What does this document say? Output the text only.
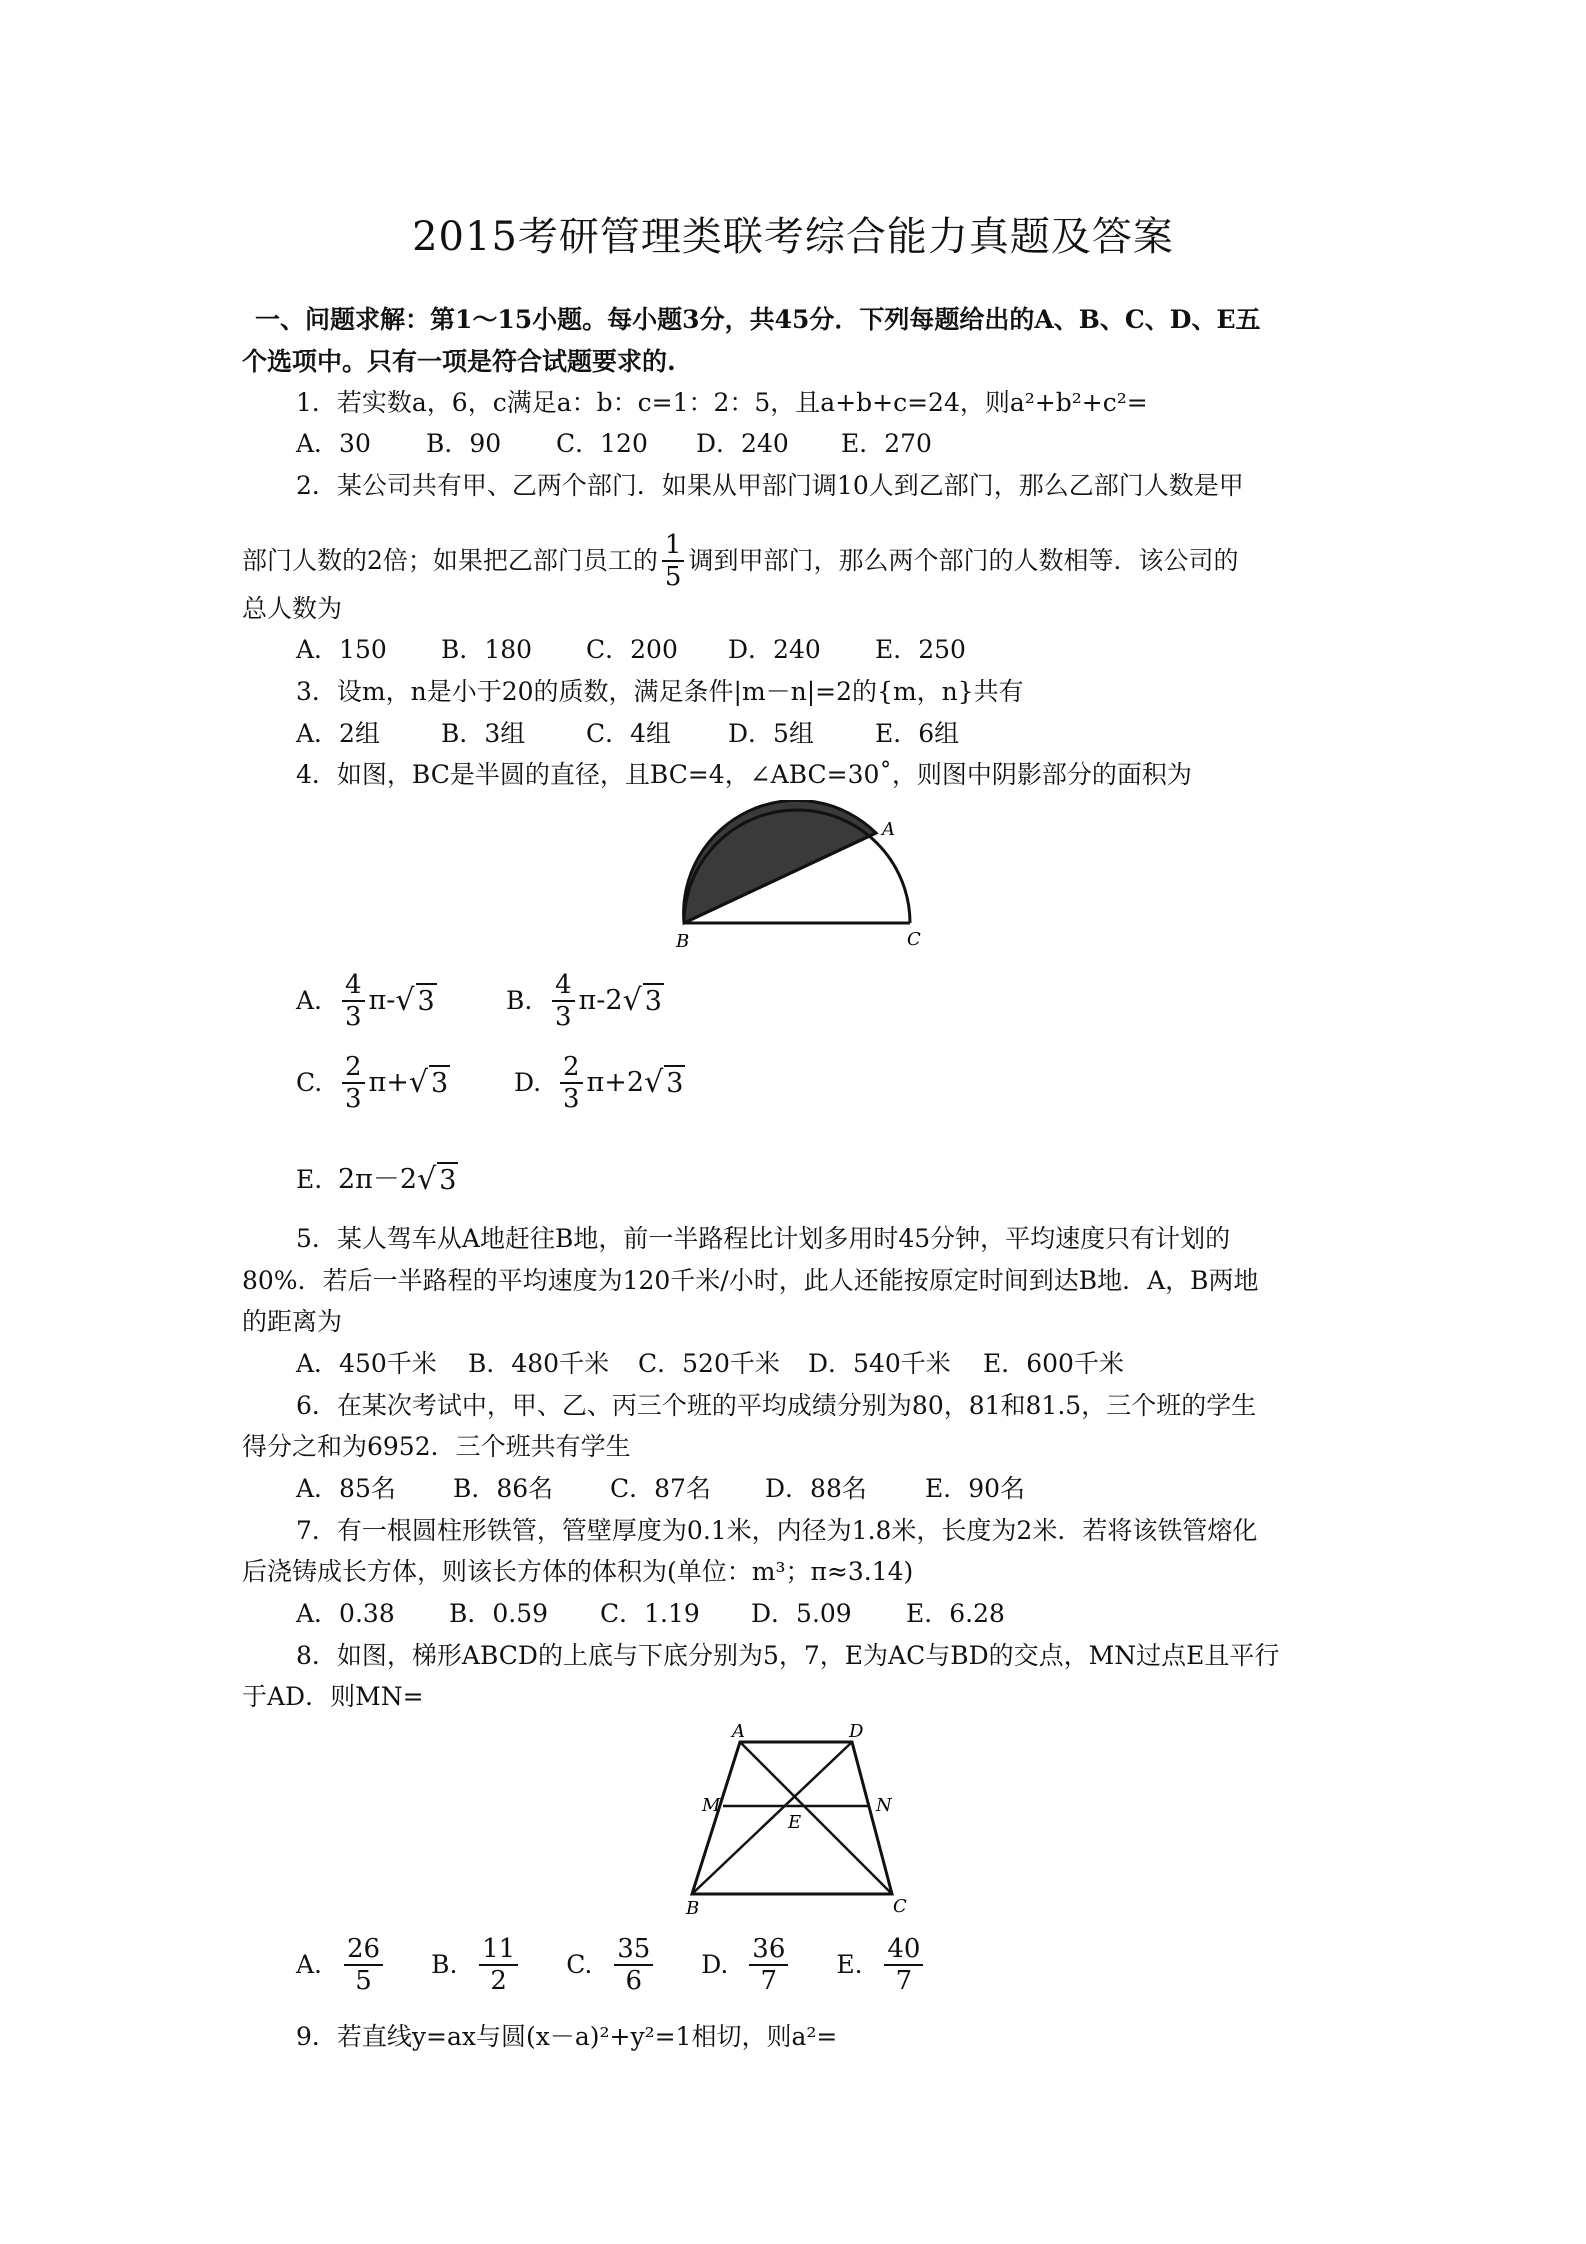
2015考研管理类联考综合能力真题及答案
一、问题求解：第1～15小题。每小题3分，共45分．下列每题给出的A、B、C、D、E五
个选项中。只有一项是符合试题要求的.
1．若实数a，6，c满足a：b：c=1：2：5，且a+b+c=24，则a²+b²+c²=
A．30 B．90 C．120 D．240 E．270
2．某公司共有甲、乙两个部门．如果从甲部门调10人到乙部门，那么乙部门人数是甲
部门人数的2倍；如果把乙部门员工的 $\frac{1}{5}$ 调到甲部门，那么两个部门的人数相等．该公司的
总人数为
A．150 B．180 C．200 D．240 E．250
3．设m，n是小于20的质数，满足条件|m－n|=2的{m，n}共有
A．2组 B．3组 C．4组 D．5组 E．6组
4．如图，BC是半圆的直径，且BC=4，∠ABC=30˚，则图中阴影部分的面积为
A
B	C
A. $\frac{4}{3}$ π - √ 3	B. $\frac{4}{3}$ π - 2 √ 3
C. $\frac{2}{3}$ π + √ 3	D. $\frac{2}{3}$ π + 2 √ 3
E. 2π－2 √ 3
5．某人驾车从A地赶往B地，前一半路程比计划多用时45分钟，平均速度只有计划的
80%．若后一半路程的平均速度为120千米/小时，此人还能按原定时间到达B地．A，B两地
的距离为
A．450千米 B．480千米 C．520千米 D．540千米 E．600千米
6．在某次考试中，甲、乙、丙三个班的平均成绩分别为80，81和81.5，三个班的学生
得分之和为6952．三个班共有学生
A．85名 B．86名 C．87名 D．88名 E．90名
7．有一根圆柱形铁管，管壁厚度为0.1米，内径为1.8米，长度为2米．若将该铁管熔化
后浇铸成长方体，则该长方体的体积为(单位：m³；π≈3.14)
A．0.38 B．0.59 C．1.19 D．5.09 E．6.28
8．如图，梯形ABCD的上底与下底分别为5，7，E为AC与BD的交点，MN过点E且平行
于AD．则MN=
A	D
M	N
E
B	C
A. $\frac{26}{5} B$. $\frac{11}{2} C$. $\frac{35}{6} D$. $\frac{36}{7} E$. $\frac{40}{7}$
9．若直线y=ax与圆(x－a)²+y²=1相切，则a²=
